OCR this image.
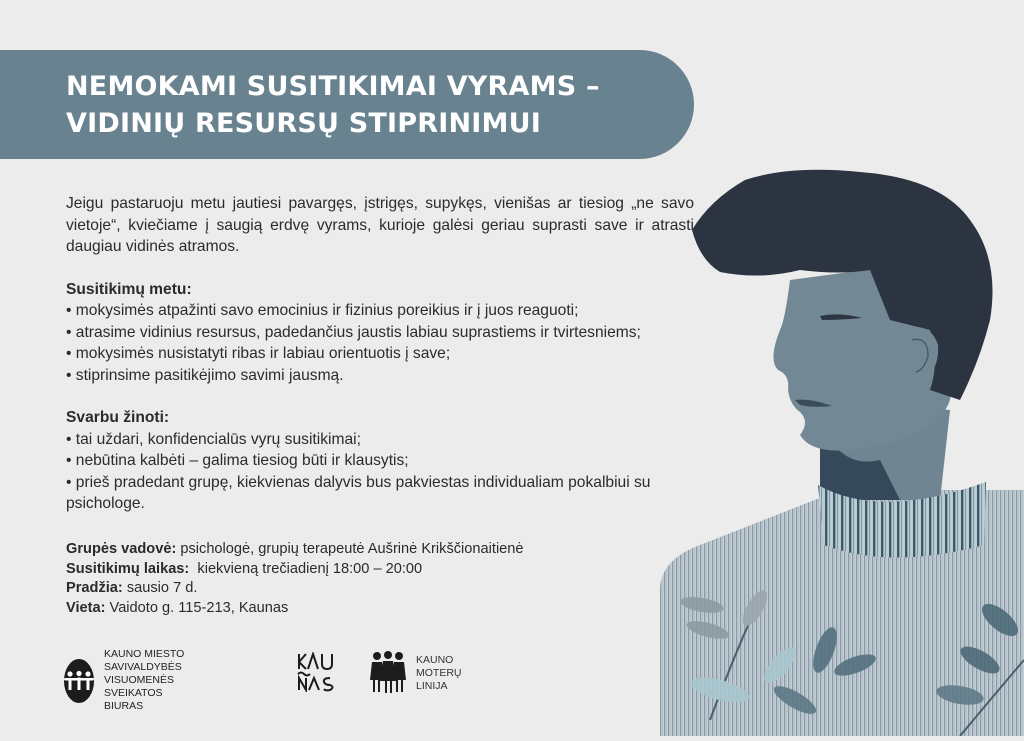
NEMOKAMI SUSITIKIMAI VYRAMS –
VIDINIŲ RESURSŲ STIPRINIMUI

Jeigu pastaruoju metu jautiesi pavargęs, įstrigęs, supykęs, vienišas ar tiesiog „ne savo vietoje“, kviečiame į saugią erdvę vyrams, kurioje galėsi geriau suprasti save ir atrasti daugiau vidinės atramos.

Susitikimų metu:
• mokysimės atpažinti savo emocinius ir fizinius poreikius ir į juos reaguoti;
• atrasime vidinius resursus, padedančius jaustis labiau suprastiems ir tvirtesniems;
• mokysimės nusistatyti ribas ir labiau orientuotis į save;
• stiprinsime pasitikėjimo savimi jausmą.
Svarbu žinoti:
• tai uždari, konfidencialūs vyrų susitikimai;
• nebūtina kalbėti – galima tiesiog būti ir klausytis;
• prieš pradedant grupę, kiekvienas dalyvis bus pakviestas individualiam pokalbiui su psichologe.
Grupės vadovė: psichologė, grupių terapeutė Aušrinė Krikščionaitienė
Susitikimų laikas:  kiekvieną trečiadienį 18:00 – 20:00
Pradžia: sausio 7 d.
Vieta: Vaidoto g. 115-213, Kaunas
KAUNO MIESTO SAVIVALDYBĖS
VISUOMENĖS SVEIKATOS BIURAS
KAUNO
MOTERŲ
LINIJA
